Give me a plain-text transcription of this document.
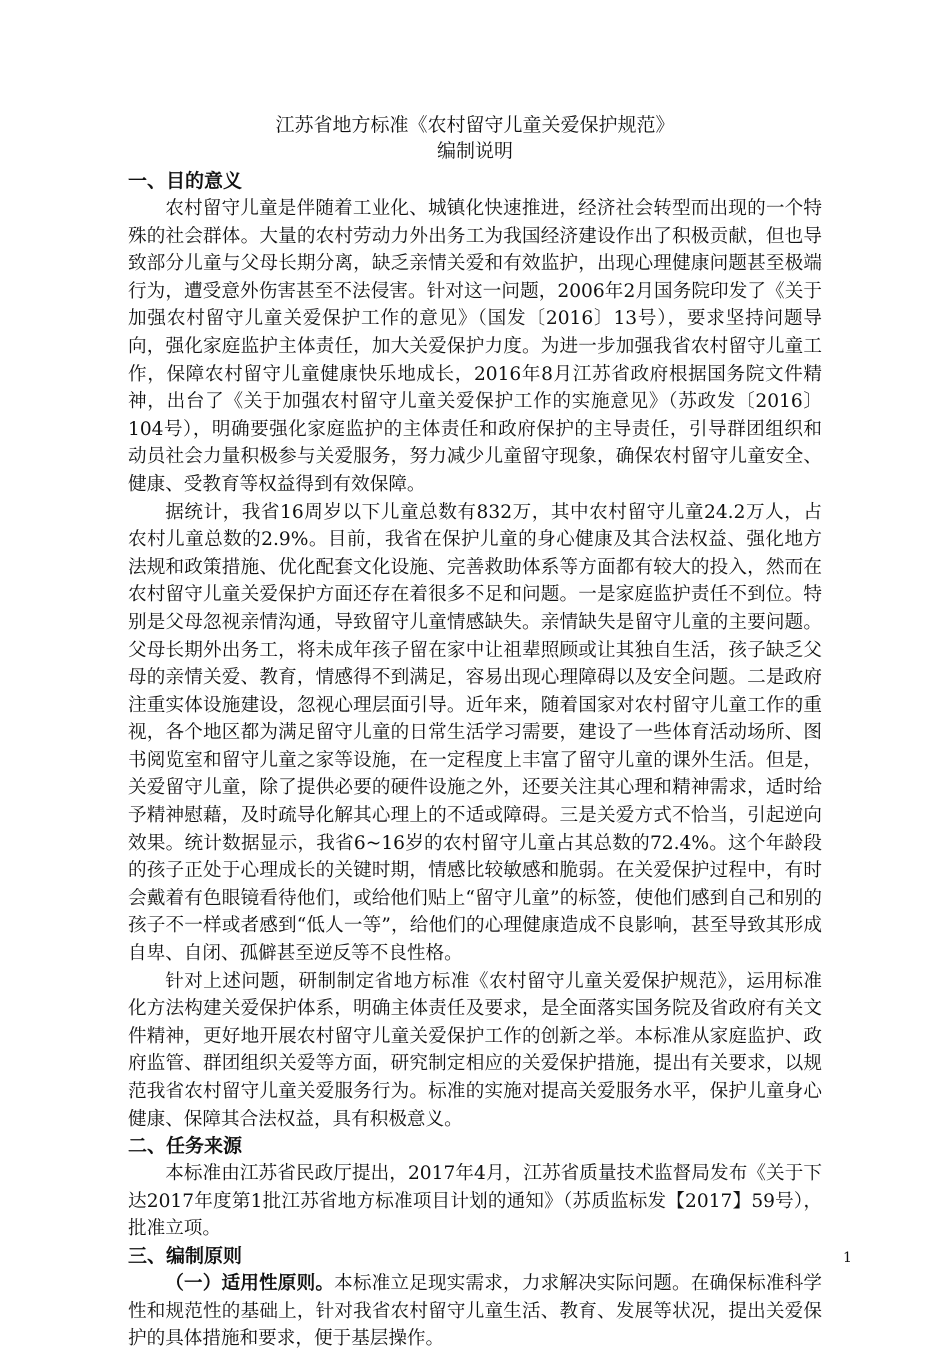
江苏省地方标准《农村留守儿童关爱保护规范》

编制说明

一、目的意义

农村留守儿童是伴随着工业化、城镇化快速推进，经济社会转型而出现的一个特殊的社会群体。大量的农村劳动力外出务工为我国经济建设作出了积极贡献，但也导致部分儿童与父母长期分离，缺乏亲情关爱和有效监护，出现心理健康问题甚至极端行为，遭受意外伤害甚至不法侵害。针对这一问题，2006年2月国务院印发了《关于加强农村留守儿童关爱保护工作的意见》（国发〔2016〕13号），要求坚持问题导向，强化家庭监护主体责任，加大关爱保护力度。为进一步加强我省农村留守儿童工作，保障农村留守儿童健康快乐地成长，2016年8月江苏省政府根据国务院文件精神，出台了《关于加强农村留守儿童关爱保护工作的实施意见》（苏政发〔2016〕104号），明确要强化家庭监护的主体责任和政府保护的主导责任，引导群团组织和动员社会力量积极参与关爱服务，努力减少儿童留守现象，确保农村留守儿童安全、健康、受教育等权益得到有效保障。

据统计，我省16周岁以下儿童总数有832万，其中农村留守儿童24.2万人，占农村儿童总数的2.9%。目前，我省在保护儿童的身心健康及其合法权益、强化地方法规和政策措施、优化配套文化设施、完善救助体系等方面都有较大的投入，然而在农村留守儿童关爱保护方面还存在着很多不足和问题。一是家庭监护责任不到位。特别是父母忽视亲情沟通，导致留守儿童情感缺失。亲情缺失是留守儿童的主要问题。父母长期外出务工，将未成年孩子留在家中让祖辈照顾或让其独自生活，孩子缺乏父母的亲情关爱、教育，情感得不到满足，容易出现心理障碍以及安全问题。二是政府注重实体设施建设，忽视心理层面引导。近年来，随着国家对农村留守儿童工作的重视，各个地区都为满足留守儿童的日常生活学习需要，建设了一些体育活动场所、图书阅览室和留守儿童之家等设施，在一定程度上丰富了留守儿童的课外生活。但是，关爱留守儿童，除了提供必要的硬件设施之外，还要关注其心理和精神需求，适时给予精神慰藉，及时疏导化解其心理上的不适或障碍。三是关爱方式不恰当，引起逆向效果。统计数据显示，我省6~16岁的农村留守儿童占其总数的72.4%。这个年龄段的孩子正处于心理成长的关键时期，情感比较敏感和脆弱。在关爱保护过程中，有时会戴着有色眼镜看待他们，或给他们贴上“留守儿童”的标签，使他们感到自己和别的孩子不一样或者感到“低人一等”，给他们的心理健康造成不良影响，甚至导致其形成自卑、自闭、孤僻甚至逆反等不良性格。

针对上述问题，研制制定省地方标准《农村留守儿童关爱保护规范》，运用标准化方法构建关爱保护体系，明确主体责任及要求，是全面落实国务院及省政府有关文件精神，更好地开展农村留守儿童关爱保护工作的创新之举。本标准从家庭监护、政府监管、群团组织关爱等方面，研究制定相应的关爱保护措施，提出有关要求，以规范我省农村留守儿童关爱服务行为。标准的实施对提高关爱服务水平，保护儿童身心健康、保障其合法权益，具有积极意义。

二、任务来源

本标准由江苏省民政厅提出，2017年4月，江苏省质量技术监督局发布《关于下达2017年度第1批江苏省地方标准项目计划的通知》（苏质监标发【2017】59号），批准立项。

三、编制原则

（一）适用性原则。本标准立足现实需求，力求解决实际问题。在确保标准科学性和规范性的基础上，针对我省农村留守儿童生活、教育、发展等状况，提出关爱保护的具体措施和要求，便于基层操作。

1
